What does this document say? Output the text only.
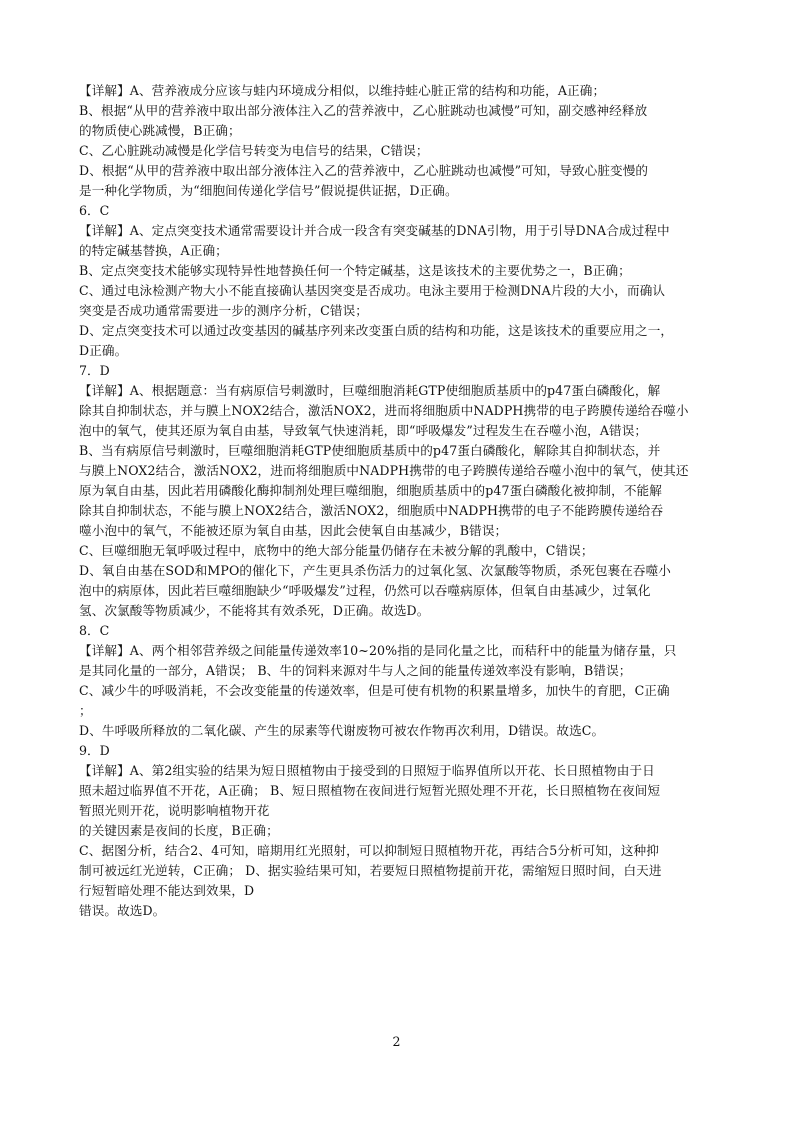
【详解】A、营养液成分应该与蛙内环境成分相似，以维持蛙心脏正常的结构和功能，A正确；
B、根据“从甲的营养液中取出部分液体注入乙的营养液中，乙心脏跳动也减慢”可知，副交感神经释放
的物质使心跳减慢，B正确；
C、乙心脏跳动减慢是化学信号转变为电信号的结果，C错误；
D、根据“从甲的营养液中取出部分液体注入乙的营养液中，乙心脏跳动也减慢”可知，导致心脏变慢的
是一种化学物质，为“细胞间传递化学信号”假说提供证据，D正确。
6．C
【详解】A、定点突变技术通常需要设计并合成一段含有突变碱基的DNA引物，用于引导DNA合成过程中
的特定碱基替换，A正确；
B、定点突变技术能够实现特异性地替换任何一个特定碱基，这是该技术的主要优势之一，B正确；
C、通过电泳检测产物大小不能直接确认基因突变是否成功。电泳主要用于检测DNA片段的大小，而确认
突变是否成功通常需要进一步的测序分析，C错误；
D、定点突变技术可以通过改变基因的碱基序列来改变蛋白质的结构和功能，这是该技术的重要应用之一，
D正确。
7．D
【详解】A、根据题意：当有病原信号刺激时，巨噬细胞消耗GTP使细胞质基质中的p47蛋白磷酸化，解
除其自抑制状态，并与膜上NOX2结合，激活NOX2，进而将细胞质中NADPH携带的电子跨膜传递给吞噬小
泡中的氧气，使其还原为氧自由基，导致氧气快速消耗，即“呼吸爆发”过程发生在吞噬小泡，A错误；
B、当有病原信号刺激时，巨噬细胞消耗GTP使细胞质基质中的p47蛋白磷酸化，解除其自抑制状态，并
与膜上NOX2结合，激活NOX2，进而将细胞质中NADPH携带的电子跨膜传递给吞噬小泡中的氧气，使其还
原为氧自由基，因此若用磷酸化酶抑制剂处理巨噬细胞，细胞质基质中的p47蛋白磷酸化被抑制，不能解
除其自抑制状态，不能与膜上NOX2结合，激活NOX2，细胞质中NADPH携带的电子不能跨膜传递给吞
噬小泡中的氧气，不能被还原为氧自由基，因此会使氧自由基减少，B错误；
C、巨噬细胞无氧呼吸过程中，底物中的绝大部分能量仍储存在未被分解的乳酸中，C错误；
D、氧自由基在SOD和MPO的催化下，产生更具杀伤活力的过氧化氢、次氯酸等物质，杀死包裹在吞噬小
泡中的病原体，因此若巨噬细胞缺少“呼吸爆发”过程，仍然可以吞噬病原体，但氧自由基减少，过氧化
氢、次氯酸等物质减少，不能将其有效杀死，D正确。故选D。
8．C
【详解】A、两个相邻营养级之间能量传递效率10~20%指的是同化量之比，而秸秆中的能量为储存量，只
是其同化量的一部分，A错误； B、牛的饲料来源对牛与人之间的能量传递效率没有影响，B错误；
C、减少牛的呼吸消耗，不会改变能量的传递效率，但是可使有机物的积累量增多，加快牛的育肥，C正确
；
D、牛呼吸所释放的二氧化碳、产生的尿素等代谢废物可被农作物再次利用，D错误。故选C。
9．D
【详解】A、第2组实验的结果为短日照植物由于接受到的日照短于临界值所以开花、长日照植物由于日
照未超过临界值不开花，A正确； B、短日照植物在夜间进行短暂光照处理不开花，长日照植物在夜间短
暂照光则开花，说明影响植物开花
的关键因素是夜间的长度，B正确；
C、据图分析，结合2、4可知，暗期用红光照射，可以抑制短日照植物开花，再结合5分析可知，这种抑
制可被远红光逆转，C正确； D、据实验结果可知，若要短日照植物提前开花，需缩短日照时间，白天进
行短暂暗处理不能达到效果，D
错误。故选D。
2
